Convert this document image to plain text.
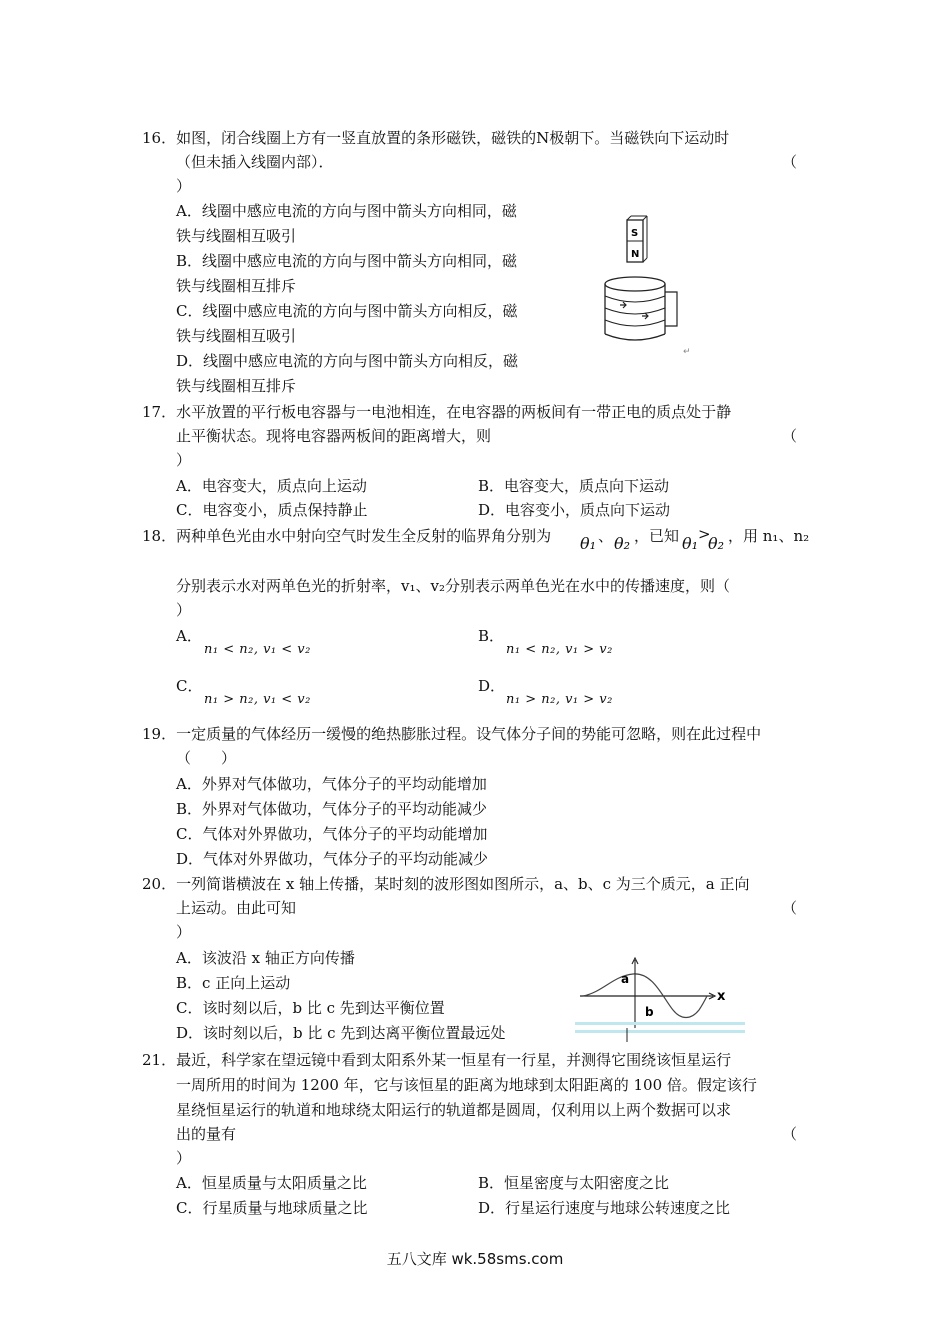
16．如图，闭合线圈上方有一竖直放置的条形磁铁，磁铁的N极朝下。当磁铁向下运动时
（但未插入线圈内部）．	（
）
A．线圈中感应电流的方向与图中箭头方向相同，磁
铁与线圈相互吸引
B．线圈中感应电流的方向与图中箭头方向相同，磁
铁与线圈相互排斥
C．线圈中感应电流的方向与图中箭头方向相反，磁
铁与线圈相互吸引
D．线圈中感应电流的方向与图中箭头方向相反，磁
铁与线圈相互排斥
S
N
↵
17．水平放置的平行板电容器与一电池相连，在电容器的两板间有一带正电的质点处于静
止平衡状态。现将电容器两板间的距离增大，则	（
）
A．电容变大，质点向上运动	B．电容变大，质点向下运动
C．电容变小，质点保持静止	D．电容变小，质点向下运动
18．两种单色光由水中射向空气时发生全反射的临界角分别为 θ₁ 、 θ₂ ，已知 θ₁ >
θ₂ ，用 n₁、n₂
分别表示水对两单色光的折射率，v₁、v₂分别表示两单色光在水中的传播速度，则（
）
A．
n₁ < n₂, v₁ < v₂
B．
n₁ < n₂, v₁ > v₂
C．
n₁ > n₂, v₁ < v₂
D．
n₁ > n₂, v₁ > v₂
19．一定质量的气体经历一缓慢的绝热膨胀过程。设气体分子间的势能可忽略，则在此过程中
（　　）
A．外界对气体做功，气体分子的平均动能增加
B．外界对气体做功，气体分子的平均动能减少
C．气体对外界做功，气体分子的平均动能增加
D．气体对外界做功，气体分子的平均动能减少
20．一列简谐横波在 x 轴上传播，某时刻的波形图如图所示，a、b、c 为三个质元，a 正向
上运动。由此可知	（
）
A．该波沿 x 轴正方向传播
B．c 正向上运动
C．该时刻以后，b 比 c 先到达平衡位置
D．该时刻以后，b 比 c 先到达离平衡位置最远处
x
a
b
21．最近，科学家在望远镜中看到太阳系外某一恒星有一行星，并测得它围绕该恒星运行
一周所用的时间为 1200 年，它与该恒星的距离为地球到太阳距离的 100 倍。假定该行
星绕恒星运行的轨道和地球绕太阳运行的轨道都是圆周，仅利用以上两个数据可以求
出的量有	（
）
A．恒星质量与太阳质量之比	B．恒星密度与太阳密度之比
C．行星质量与地球质量之比	D．行星运行速度与地球公转速度之比
五八文库 wk.58sms.com
